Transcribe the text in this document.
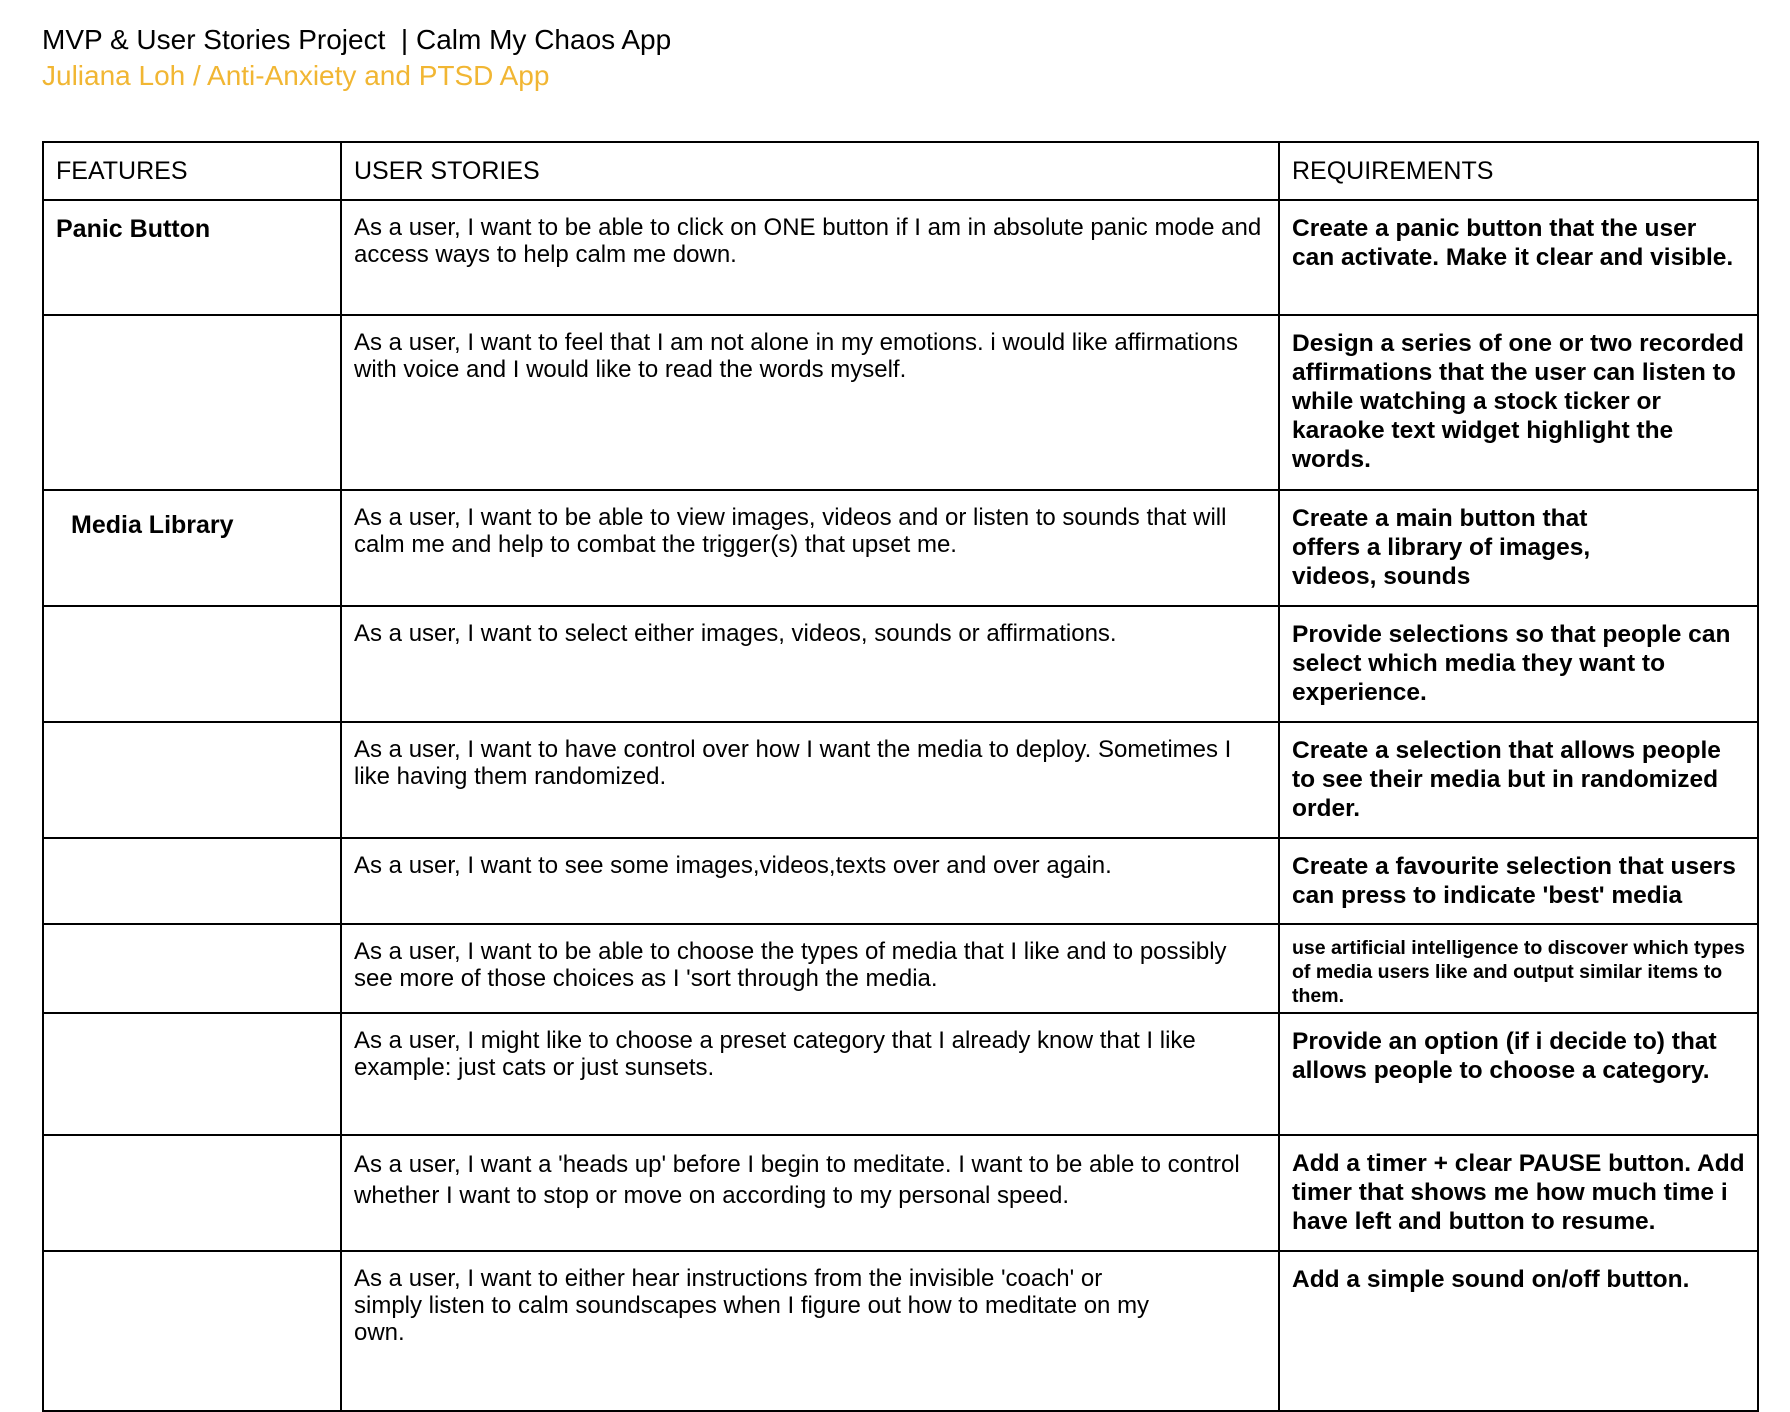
MVP & User Stories Project  | Calm My Chaos App
Juliana Loh / Anti-Anxiety and PTSD App
FEATURES	USER STORIES	REQUIREMENTS

Panic Button	As a user, I want to be able to click on ONE button if I am in absolute panic mode and access ways to help calm me down.	Create a panic button that the user can activate. Make it clear and visible.

	As a user, I want to feel that I am not alone in my emotions. i would like affirmations with voice and I would like to read the words myself.	Design a series of one or two recorded affirmations that the user can listen to while watching a stock ticker or karaoke text widget highlight the words.

Media Library	As a user, I want to be able to view images, videos and or listen to sounds that will calm me and help to combat the trigger(s) that upset me.	Create a main button that offers a library of images, videos, sounds

	As a user, I want to select either images, videos, sounds or affirmations.	Provide selections so that people can select which media they want to experience.

	As a user, I want to have control over how I want the media to deploy. Sometimes I like having them randomized.	Create a selection that allows people to see their media but in randomized order.

	As a user, I want to see some images,videos,texts over and over again.	Create a favourite selection that users can press to indicate 'best' media

	As a user, I want to be able to choose the types of media that I like and to possibly see more of those choices as I 'sort through the media.	use artificial intelligence to discover which types of media users like and output similar items to them.

	As a user, I might like to choose a preset category that I already know that I like example: just cats or just sunsets.	Provide an option (if i decide to) that allows people to choose a category.

	As a user, I want a 'heads up' before I begin to meditate. I want to be able to control whether I want to stop or move on according to my personal speed.	Add a timer + clear PAUSE button. Add timer that shows me how much time i have left and button to resume.

	As a user, I want to either hear instructions from the invisible 'coach' or simply listen to calm soundscapes when I figure out how to meditate on my own.	Add a simple sound on/off button.
